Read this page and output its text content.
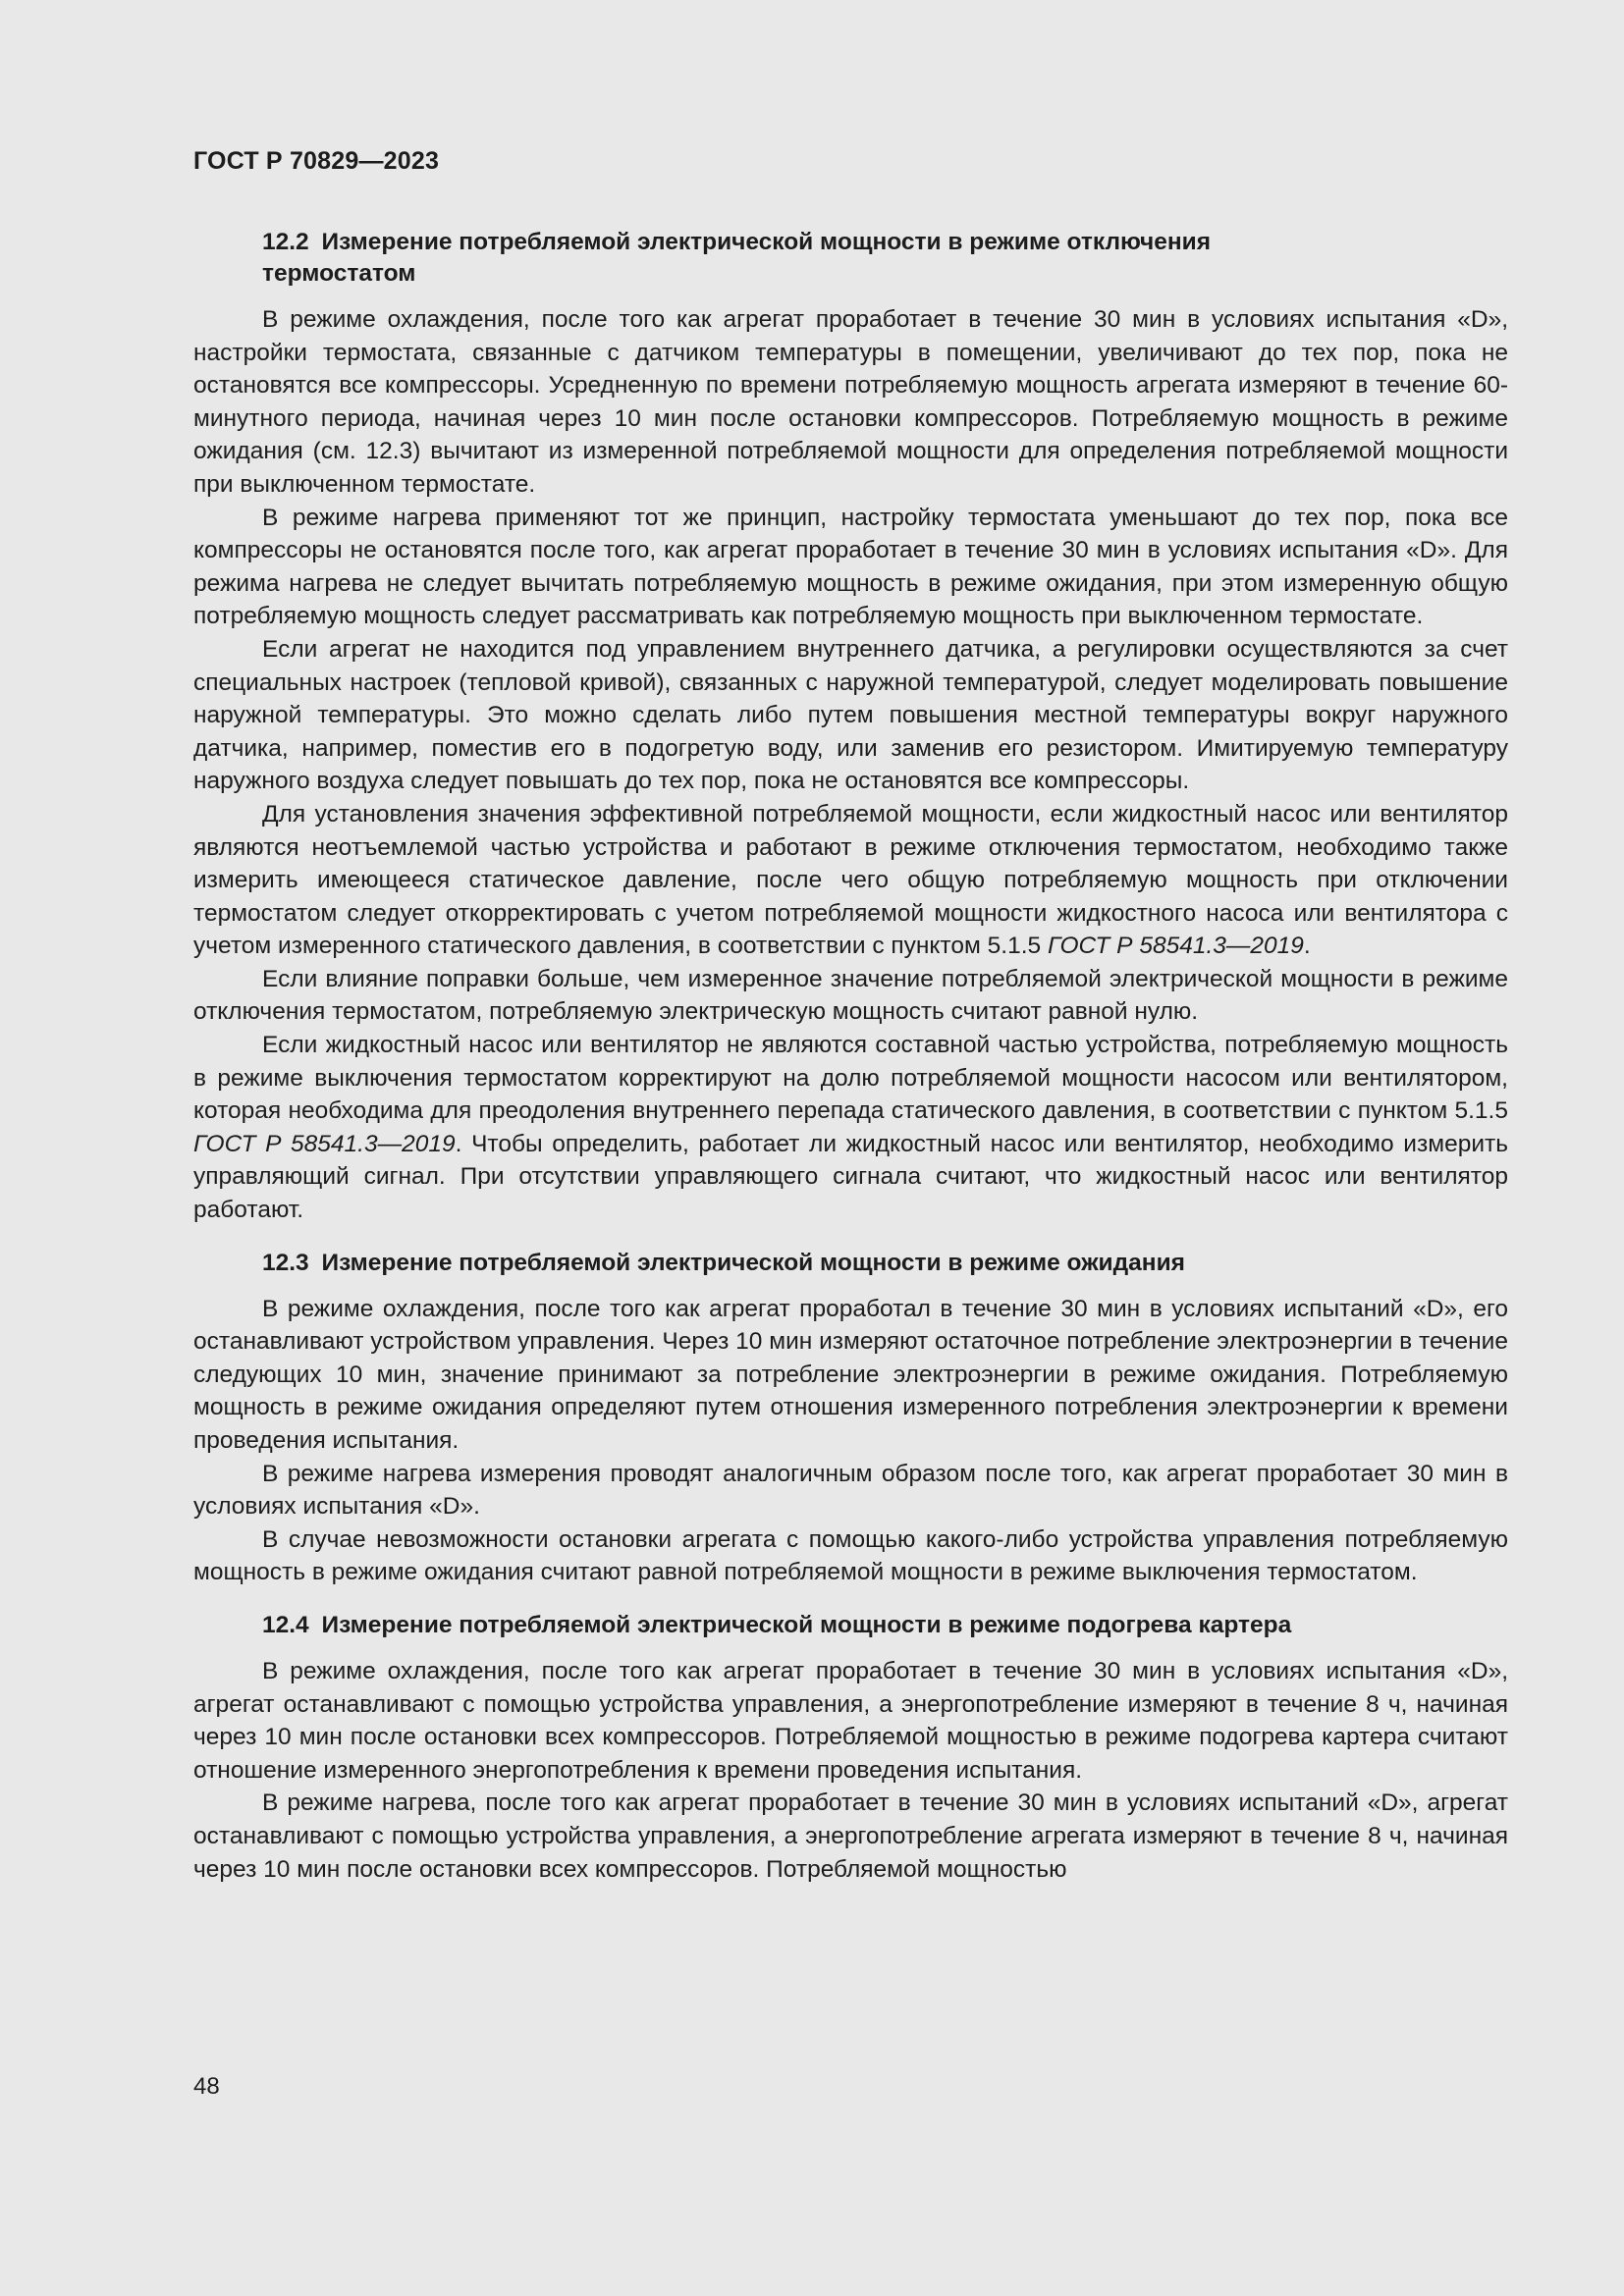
ГОСТ Р 70829—2023
12.2 Измерение потребляемой электрической мощности в режиме отключения
термостатом

В режиме охлаждения, после того как агрегат проработает в течение 30 мин в условиях испытания «D», настройки термостата, связанные с датчиком температуры в помещении, увеличивают до тех пор, пока не остановятся все компрессоры. Усредненную по времени потребляемую мощность агрегата измеряют в течение 60-минутного периода, начиная через 10 мин после остановки компрессоров. Потребляемую мощность в режиме ожидания (см. 12.3) вычитают из измеренной потребляемой мощности для определения потребляемой мощности при выключенном термостате.

В режиме нагрева применяют тот же принцип, настройку термостата уменьшают до тех пор, пока все компрессоры не остановятся после того, как агрегат проработает в течение 30 мин в условиях испытания «D». Для режима нагрева не следует вычитать потребляемую мощность в режиме ожидания, при этом измеренную общую потребляемую мощность следует рассматривать как потребляемую мощность при выключенном термостате.

Если агрегат не находится под управлением внутреннего датчика, а регулировки осуществляются за счет специальных настроек (тепловой кривой), связанных с наружной температурой, следует моделировать повышение наружной температуры. Это можно сделать либо путем повышения местной температуры вокруг наружного датчика, например, поместив его в подогретую воду, или заменив его резистором. Имитируемую температуру наружного воздуха следует повышать до тех пор, пока не остановятся все компрессоры.

Для установления значения эффективной потребляемой мощности, если жидкостный насос или вентилятор являются неотъемлемой частью устройства и работают в режиме отключения термостатом, необходимо также измерить имеющееся статическое давление, после чего общую потребляемую мощность при отключении термостатом следует откорректировать с учетом потребляемой мощности жидкостного насоса или вентилятора с учетом измеренного статического давления, в соответствии с пунктом 5.1.5 ГОСТ Р 58541.3—2019.

Если влияние поправки больше, чем измеренное значение потребляемой электрической мощности в режиме отключения термостатом, потребляемую электрическую мощность считают равной нулю.

Если жидкостный насос или вентилятор не являются составной частью устройства, потребляемую мощность в режиме выключения термостатом корректируют на долю потребляемой мощности насосом или вентилятором, которая необходима для преодоления внутреннего перепада статического давления, в соответствии с пунктом 5.1.5 ГОСТ Р 58541.3—2019. Чтобы определить, работает ли жидкостный насос или вентилятор, необходимо измерить управляющий сигнал. При отсутствии управляющего сигнала считают, что жидкостный насос или вентилятор работают.

12.3 Измерение потребляемой электрической мощности в режиме ожидания

В режиме охлаждения, после того как агрегат проработал в течение 30 мин в условиях испытаний «D», его останавливают устройством управления. Через 10 мин измеряют остаточное потребление электроэнергии в течение следующих 10 мин, значение принимают за потребление электроэнергии в режиме ожидания. Потребляемую мощность в режиме ожидания определяют путем отношения измеренного потребления электроэнергии к времени проведения испытания.

В режиме нагрева измерения проводят аналогичным образом после того, как агрегат проработает 30 мин в условиях испытания «D».

В случае невозможности остановки агрегата с помощью какого-либо устройства управления потребляемую мощность в режиме ожидания считают равной потребляемой мощности в режиме выключения термостатом.

12.4 Измерение потребляемой электрической мощности в режиме подогрева картера

В режиме охлаждения, после того как агрегат проработает в течение 30 мин в условиях испытания «D», агрегат останавливают с помощью устройства управления, а энергопотребление измеряют в течение 8 ч, начиная через 10 мин после остановки всех компрессоров. Потребляемой мощностью в режиме подогрева картера считают отношение измеренного энергопотребления к времени проведения испытания.

В режиме нагрева, после того как агрегат проработает в течение 30 мин в условиях испытаний «D», агрегат останавливают с помощью устройства управления, а энергопотребление агрегата измеряют в течение 8 ч, начиная через 10 мин после остановки всех компрессоров. Потребляемой мощностью

48
